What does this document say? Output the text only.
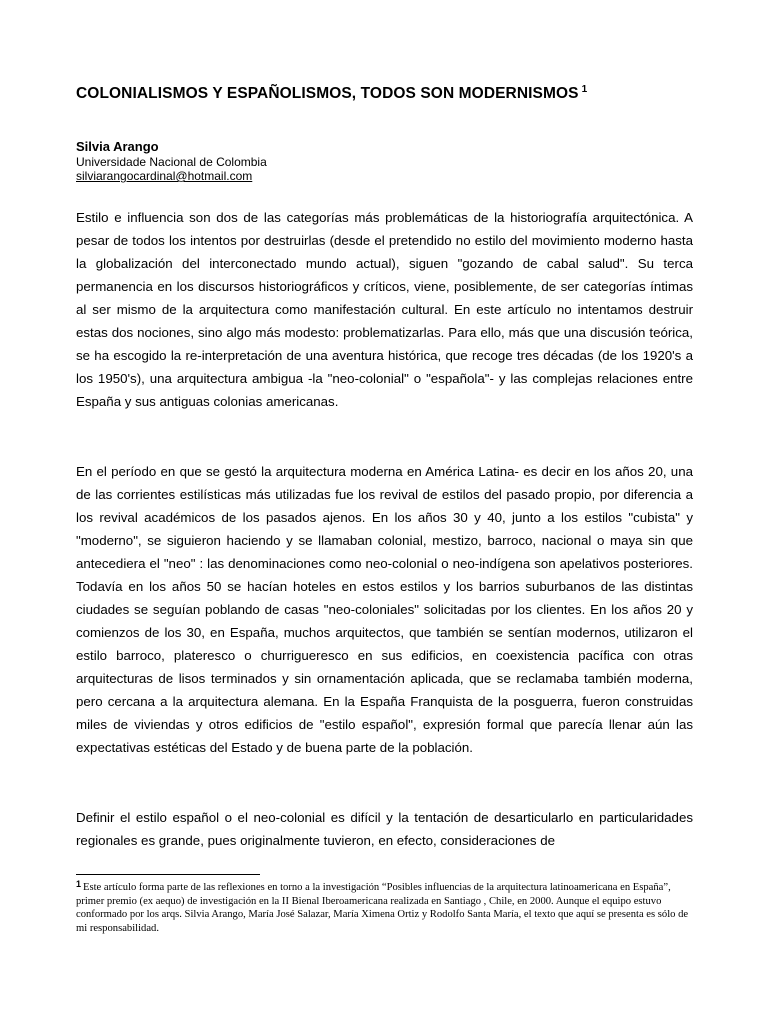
COLONIALISMOS Y ESPAÑOLISMOS, TODOS SON MODERNISMOS $^1$
Silvia Arango
Universidade Nacional de Colombia
silviarangocardinal@hotmail.com
Estilo e influencia son dos de las categorías más problemáticas de la historiografía arquitectónica. A pesar de todos los intentos por destruirlas (desde el pretendido no estilo del movimiento moderno hasta la globalización del interconectado mundo actual), siguen "gozando de cabal salud". Su terca permanencia en los discursos historiográficos y críticos, viene, posiblemente, de ser categorías íntimas al ser mismo de la arquitectura como manifestación cultural. En este artículo no intentamos destruir estas dos nociones, sino algo más modesto: problematizarlas. Para ello, más que una discusión teórica, se ha escogido la re-interpretación de una aventura histórica, que recoge tres décadas (de los 1920's a los 1950's), una arquitectura ambigua -la "neo-colonial" o "española"- y las complejas relaciones entre España y sus antiguas colonias americanas.
En el período en que se gestó la arquitectura moderna en América Latina- es decir en los años 20, una de las corrientes estilísticas más utilizadas fue los revival de estilos del pasado propio, por diferencia a los revival académicos de los pasados ajenos. En los años 30 y 40, junto a los estilos "cubista" y "moderno", se siguieron haciendo y se llamaban colonial, mestizo, barroco, nacional o maya sin que antecediera el "neo" : las denominaciones como neo-colonial o neo-indígena son apelativos posteriores. Todavía en los años 50 se hacían hoteles en estos estilos y los barrios suburbanos de las distintas ciudades se seguían poblando de casas "neo-coloniales" solicitadas por los clientes. En los años 20 y comienzos de los 30, en España, muchos arquitectos, que también se sentían modernos, utilizaron el estilo barroco, plateresco o churrigueresco en sus edificios, en coexistencia pacífica con otras arquitecturas de lisos terminados y sin ornamentación aplicada, que se reclamaba también moderna, pero cercana a la arquitectura alemana. En la España Franquista de la posguerra, fueron construidas miles de viviendas y otros edificios de "estilo español", expresión formal que parecía llenar aún las expectativas estéticas del Estado y de buena parte de la población.
Definir el estilo español o el neo-colonial es difícil y la tentación de desarticularlo en particularidades regionales es grande, pues originalmente tuvieron, en efecto, consideraciones de
$^1$ Este artículo forma parte de las reflexiones en torno a la investigación “Posibles influencias de la arquitectura latinoamericana en España”, primer premio (ex aequo) de investigación en la II Bienal Iberoamericana realizada en Santiago , Chile, en 2000. Aunque el equipo estuvo conformado por los arqs. Silvia Arango, María José Salazar, María Ximena Ortiz y Rodolfo Santa María, el texto que aquí se presenta es sólo de mi responsabilidad.
